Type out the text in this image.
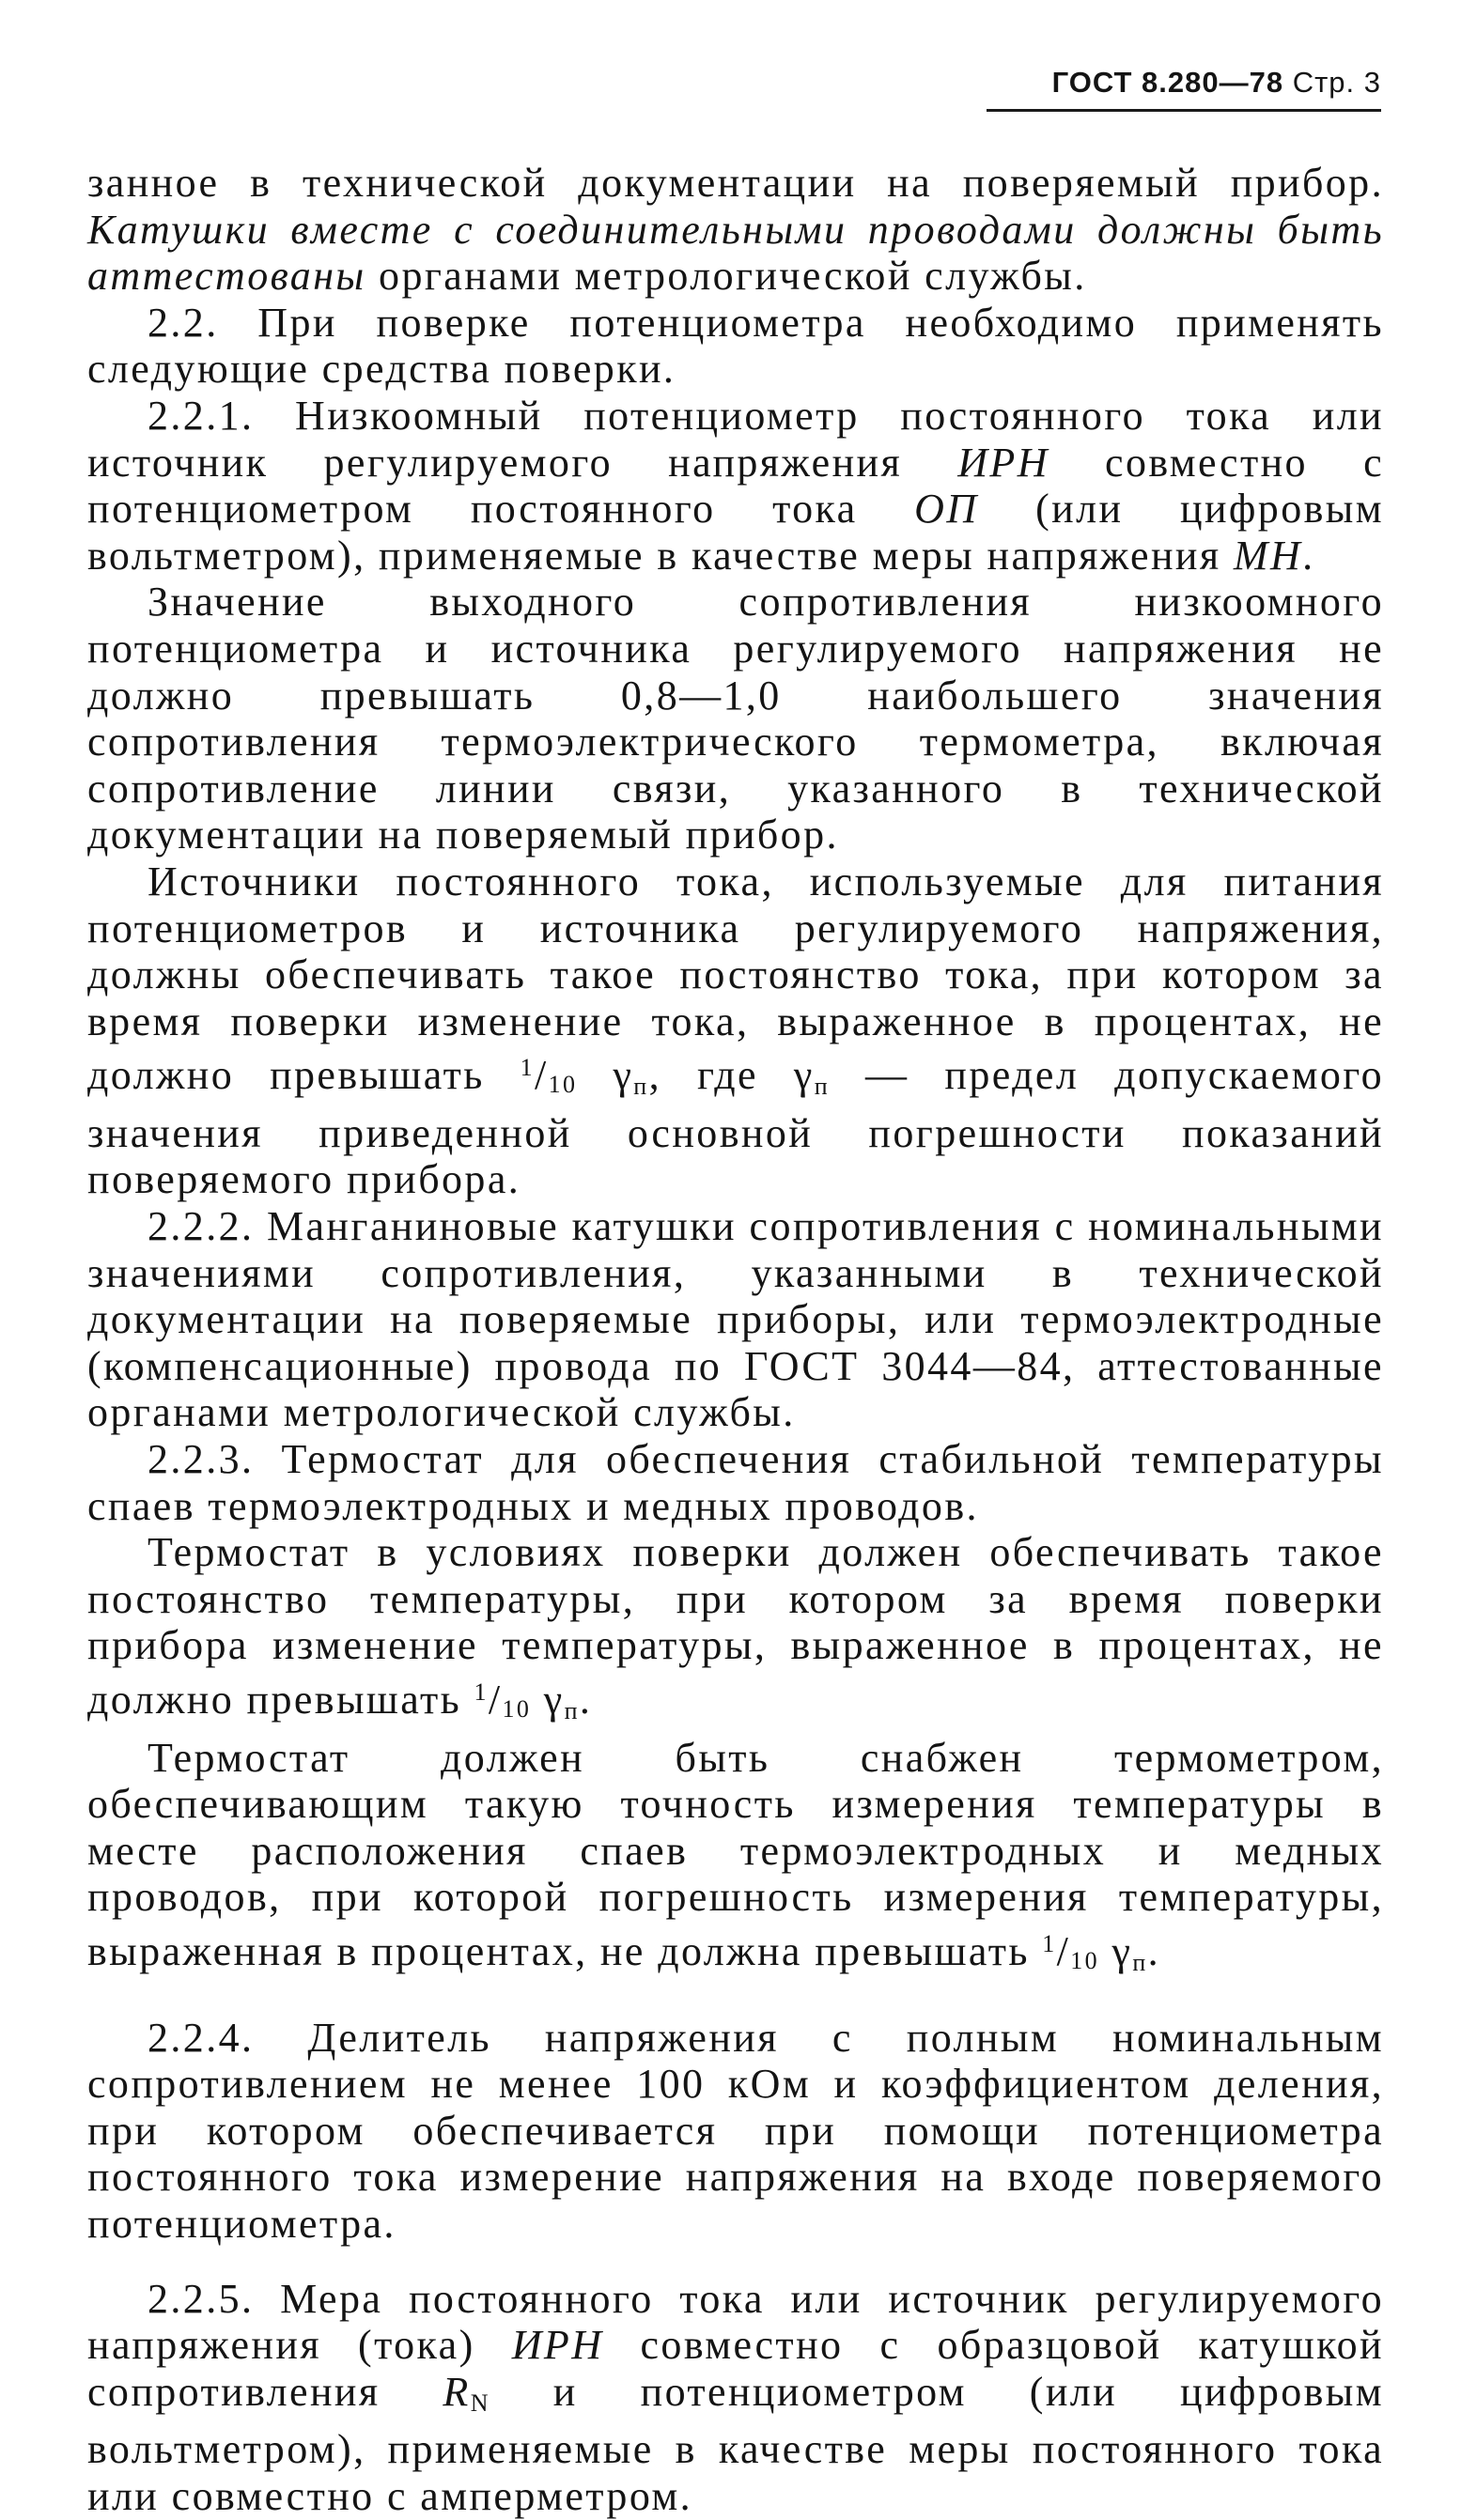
ГОСТ 8.280—78 Стр. 3

занное в технической документации на поверяемый прибор. Катушки вместе с соединительными проводами должны быть аттестованы органами метрологической службы.

2.2. При поверке потенциометра необходимо применять следующие средства поверки.

2.2.1. Низкоомный потенциометр постоянного тока или источник регулируемого напряжения ИРН совместно с потенциометром постоянного тока ОП (или цифровым вольтметром), применяемые в качестве меры напряжения МН.

Значение выходного сопротивления низкоомного потенциометра и источника регулируемого напряжения не должно превышать 0,8—1,0 наибольшего значения сопротивления термоэлектрического термометра, включая сопротивление линии связи, указанного в технической документации на поверяемый прибор.

Источники постоянного тока, используемые для питания потенциометров и источника регулируемого напряжения, должны обеспечивать такое постоянство тока, при котором за время поверки изменение тока, выраженное в процентах, не должно превышать $^1/_{10}$ $\gamma_п$, где $\gamma_п$ — предел допускаемого значения приведенной основной погрешности показаний поверяемого прибора.

2.2.2. Манганиновые катушки сопротивления с номинальными значениями сопротивления, указанными в технической документации на поверяемые приборы, или термоэлектродные (компенсационные) провода по ГОСТ 3044—84, аттестованные органами метрологической службы.

2.2.3. Термостат для обеспечения стабильной температуры спаев термоэлектродных и медных проводов.

Термостат в условиях поверки должен обеспечивать такое постоянство температуры, при котором за время поверки прибора изменение температуры, выраженное в процентах, не должно превышать $^1/_{10}$ $\gamma_п$.

Термостат должен быть снабжен термометром, обеспечивающим такую точность измерения температуры в месте расположения спаев термоэлектродных и медных проводов, при которой погрешность измерения температуры, выраженная в процентах, не должна превышать $^1/_{10}$ $\gamma_п$.

2.2.4. Делитель напряжения с полным номинальным сопротивлением не менее 100 кОм и коэффициентом деления, при котором обеспечивается при помощи потенциометра постоянного тока измерение напряжения на входе поверяемого потенциометра.

2.2.5. Мера постоянного тока или источник регулируемого напряжения (тока) ИРН совместно с образцовой катушкой сопротивления $R_N$ и потенциометром (или цифровым вольтметром), применяемые в качестве меры постоянного тока или совместно с амперметром.
